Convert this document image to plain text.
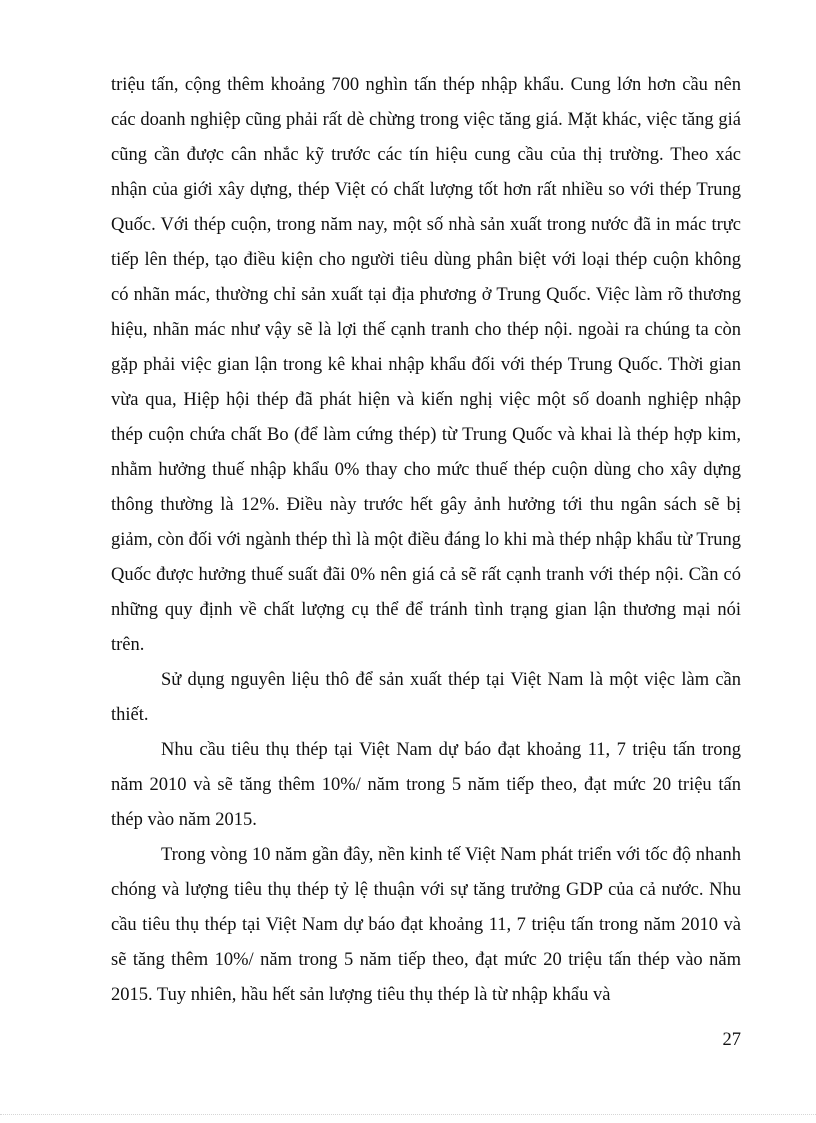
triệu tấn, cộng thêm khoảng 700 nghìn tấn thép nhập khẩu. Cung lớn hơn cầu nên các doanh nghiệp cũng phải rất dè chừng trong việc tăng giá. Mặt khác, việc tăng giá cũng cần được cân nhắc kỹ trước các tín hiệu cung cầu của thị trường. Theo xác nhận của giới xây dựng, thép Việt có chất lượng tốt hơn rất nhiều so với thép Trung Quốc. Với thép cuộn, trong năm nay, một số nhà sản xuất trong nước đã in mác trực tiếp lên thép, tạo điều kiện cho người tiêu dùng phân biệt với loại thép cuộn không có nhãn mác, thường chỉ sản xuất tại địa phương ở Trung Quốc. Việc làm rõ thương hiệu, nhãn mác như vậy sẽ là lợi thế cạnh tranh cho thép nội. ngoài ra chúng ta còn gặp phải việc gian lận trong kê khai nhập khẩu đối với thép Trung Quốc. Thời gian vừa qua, Hiệp hội thép đã phát hiện và kiến nghị việc một số doanh nghiệp nhập thép cuộn chứa chất Bo (để làm cứng thép) từ Trung Quốc và khai là thép hợp kim, nhằm hưởng thuế nhập khẩu 0% thay cho mức thuế thép cuộn dùng cho xây dựng thông thường là 12%. Điều này trước hết gây ảnh hưởng tới thu ngân sách sẽ bị giảm, còn đối với ngành thép thì là một điều đáng lo khi mà thép nhập khẩu từ Trung Quốc được hưởng thuế suất đãi 0% nên giá cả sẽ rất cạnh tranh với thép nội. Cần có những quy định về chất lượng cụ thể để tránh tình trạng gian lận thương mại nói trên.

Sử dụng nguyên liệu thô để sản xuất thép tại Việt Nam là một việc làm cần thiết.

Nhu cầu tiêu thụ thép tại Việt Nam dự báo đạt khoảng 11, 7 triệu tấn trong năm 2010 và sẽ tăng thêm 10%/ năm trong 5 năm tiếp theo, đạt mức 20 triệu tấn thép vào năm 2015.

Trong vòng 10 năm gần đây, nền kinh tế Việt Nam phát triển với tốc độ nhanh chóng và lượng tiêu thụ thép tỷ lệ thuận với sự tăng trưởng GDP của cả nước. Nhu cầu tiêu thụ thép tại Việt Nam dự báo đạt khoảng 11, 7 triệu tấn trong năm 2010 và sẽ tăng thêm 10%/ năm trong 5 năm tiếp theo, đạt mức 20 triệu tấn thép vào năm 2015. Tuy nhiên, hầu hết sản lượng tiêu thụ thép là từ nhập khẩu và

27
